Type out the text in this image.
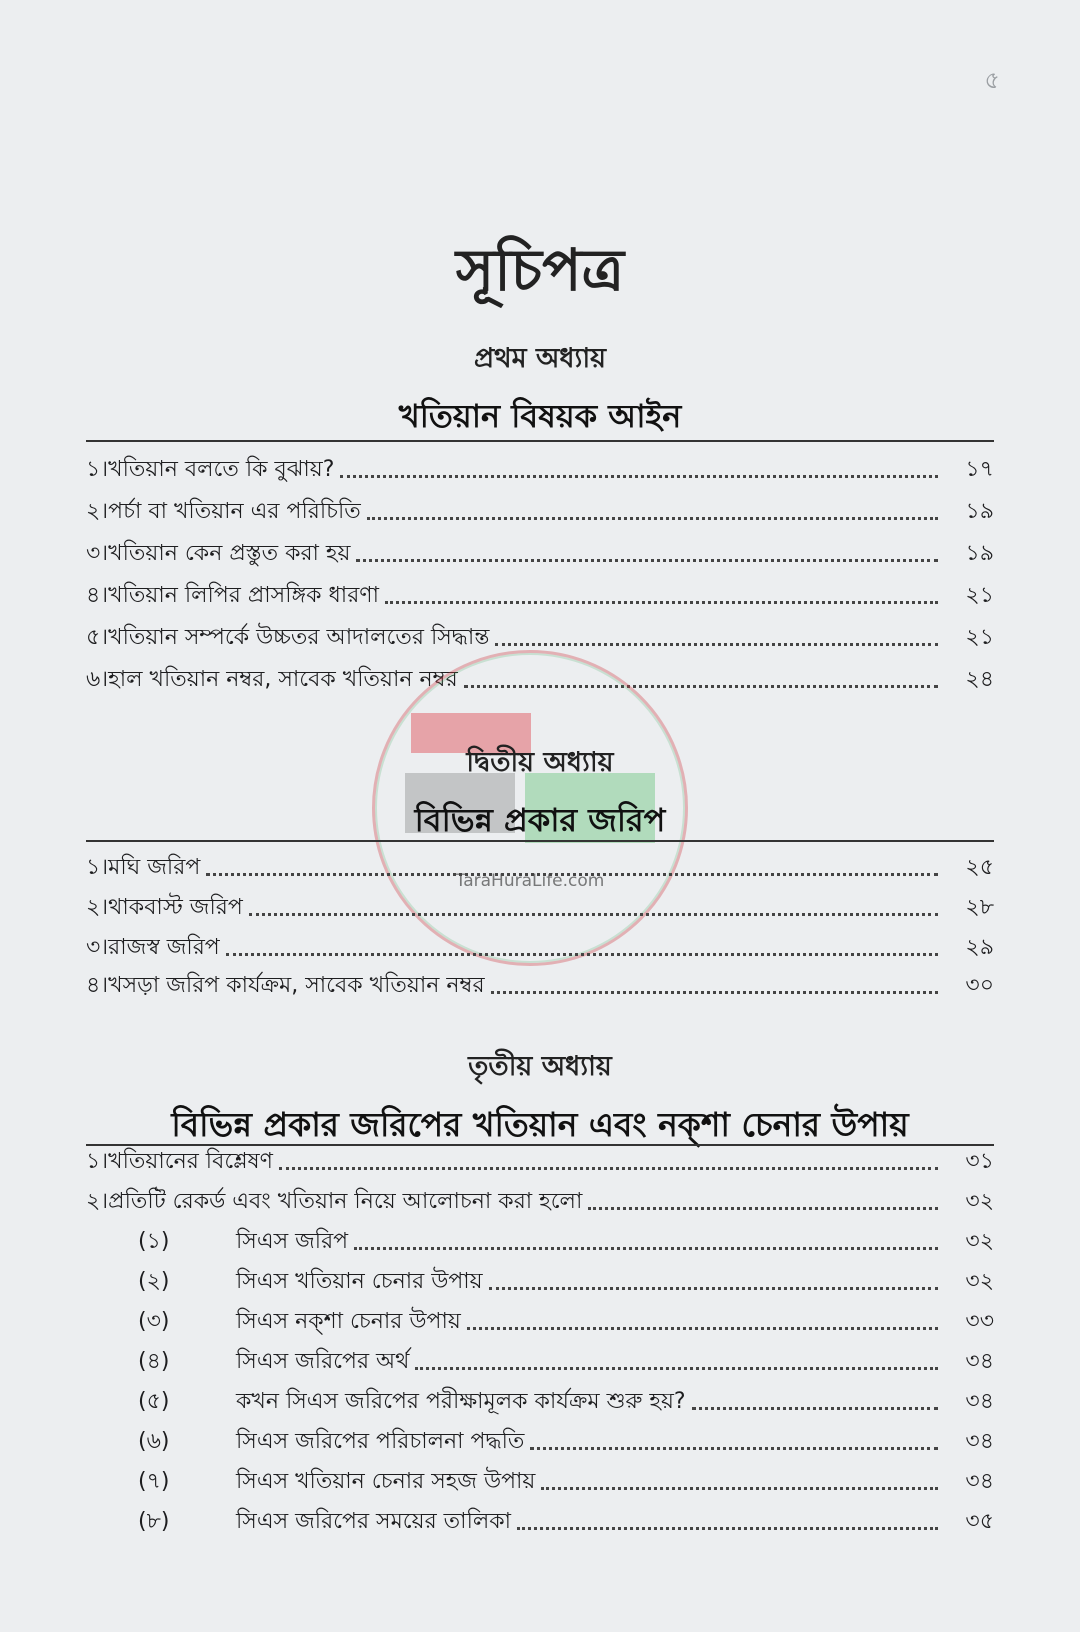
৫
সূচিপত্র
প্রথম অধ্যায়
খতিয়ান বিষয়ক আইন
১। খতিয়ান বলতে কি বুঝায়?	১৭
২। পর্চা বা খতিয়ান এর পরিচিতি	১৯
৩। খতিয়ান কেন প্রস্তুত করা হয়	১৯
৪। খতিয়ান লিপির প্রাসঙ্গিক ধারণা	২১
৫। খতিয়ান সম্পর্কে উচ্চতর আদালতের সিদ্ধান্ত	২১
৬। হাল খতিয়ান নম্বর, সাবেক খতিয়ান নম্বর	২৪
TaraHuraLife.com
দ্বিতীয় অধ্যায়
বিভিন্ন প্রকার জরিপ
১। মঘি জরিপ	২৫
২। থাকবাস্ট জরিপ	২৮
৩। রাজস্ব জরিপ	২৯
৪। খসড়া জরিপ কার্যক্রম, সাবেক খতিয়ান নম্বর	৩০
তৃতীয় অধ্যায়
বিভিন্ন প্রকার জরিপের খতিয়ান এবং নক্শা চেনার উপায়
১। খতিয়ানের বিশ্লেষণ	৩১
২। প্রতিটি রেকর্ড এবং খতিয়ান নিয়ে আলোচনা করা হলো	৩২
(১)	সিএস জরিপ	৩২
(২)	সিএস খতিয়ান চেনার উপায়	৩২
(৩)	সিএস নক্শা চেনার উপায়	৩৩
(৪)	সিএস জরিপের অর্থ	৩৪
(৫)	কখন সিএস জরিপের পরীক্ষামূলক কার্যক্রম শুরু হয়?	৩৪
(৬)	সিএস জরিপের পরিচালনা পদ্ধতি	৩৪
(৭)	সিএস খতিয়ান চেনার সহজ উপায়	৩৪
(৮)	সিএস জরিপের সময়ের তালিকা	৩৫
